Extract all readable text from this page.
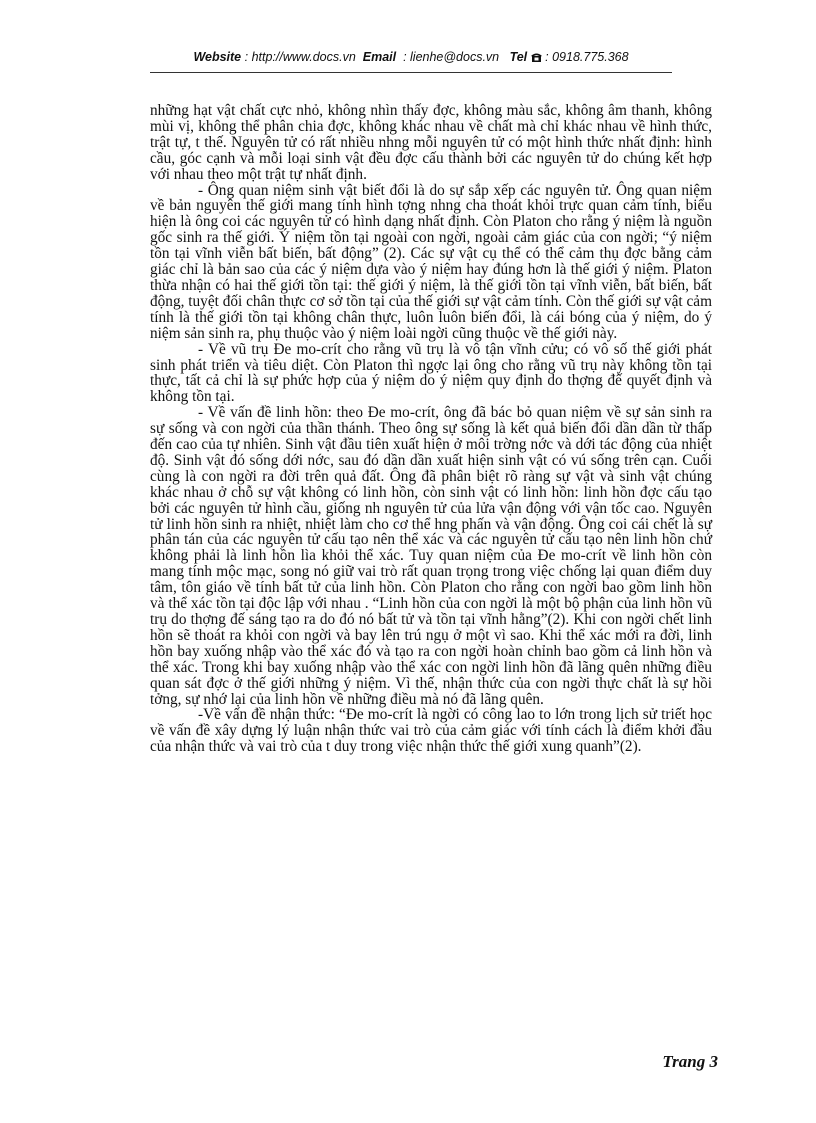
Website : http://www.docs.vn Email : lienhe@docs.vn Tel : 0918.775.368

những hạt vật chất cực nhỏ, không nhìn thấy đợc, không màu sắc, không âm thanh, không mùi vị, không thể phân chia đợc, không khác nhau về chất mà chỉ khác nhau về hình thức, trật tự, t thế. Nguyên tử có rất nhiều nhng mỗi nguyên tử có một hình thức nhất định: hình cầu, góc cạnh và mỗi loại sinh vật đều đợc cấu thành bởi các nguyên tử do chúng kết hợp với nhau theo một trật tự nhất định.

- Ông quan niệm sinh vật biết đổi là do sự sắp xếp các nguyên tử. Ông quan niệm về bản nguyên thế giới mang tính hình tợng nhng cha thoát khỏi trực quan cảm tính, biểu hiện là ông coi các nguyên tử có hình dạng nhất định. Còn Platon cho rằng ý niệm là nguồn gốc sinh ra thế giới. Ý niệm tồn tại ngoài con ngời, ngoài cảm giác của con ngời; “ý niệm tồn tại vĩnh viễn bất biến, bất động” (2). Các sự vật cụ thể có thể cảm thụ đợc bằng cảm giác chỉ là bản sao của các ý niệm dựa vào ý niệm hay đúng hơn là thế giới ý niệm. Platon thừa nhận có hai thế giới tồn tại: thế giới ý niệm, là thế giới tồn tại vĩnh viễn, bất biến, bất động, tuyệt đối chân thực cơ sở tồn tại của thế giới sự vật cảm tính. Còn thế giới sự vật cảm tính là thế giới tồn tại không chân thực, luôn luôn biến đổi, là cái bóng của ý niệm, do ý niệm sản sinh ra, phụ thuộc vào ý niệm loài ngời cũng thuộc về thế giới này.

- Về vũ trụ Đe mo-crít cho rằng vũ trụ là vô tận vĩnh cửu; có vô số thế giới phát sinh phát triển và tiêu diệt. Còn Platon thì ngợc lại ông cho rằng vũ trụ này không tồn tại thực, tất cả chỉ là sự phức hợp của ý niệm do ý niệm quy định do thợng đế quyết định và không tồn tại.

- Về vấn đề linh hồn: theo Đe mo-crít, ông đã bác bỏ quan niệm về sự sản sinh ra sự sống và con ngời của thần thánh. Theo ông sự sống là kết quả biến đổi dần dần từ thấp đến cao của tự nhiên. Sinh vật đầu tiên xuất hiện ở môi trờng nớc và dới tác động của nhiệt độ. Sinh vật đó sống dới nớc, sau đó dần dần xuất hiện sinh vật có vú sống trên cạn. Cuối cùng là con ngời ra đời trên quả đất. Ông đã phân biệt rõ ràng sự vật và sinh vật chúng khác nhau ở chỗ sự vật không có linh hồn, còn sinh vật có linh hồn: linh hồn đợc cấu tạo bởi các nguyên tử hình cầu, giống nh nguyên tử của lửa vận động với vận tốc cao. Nguyên tử linh hồn sinh ra nhiệt, nhiệt làm cho cơ thể hng phấn và vận động. Ông coi cái chết là sự phân tán của các nguyên tử cấu tạo nên thể xác và các nguyên tử cấu tạo nên linh hồn chứ không phải là linh hồn lìa khỏi thể xác. Tuy quan niệm của Đe mo-crít về linh hồn còn mang tính mộc mạc, song nó giữ vai trò rất quan trọng trong việc chống lại quan điểm duy tâm, tôn giáo về tính bất tử của linh hồn. Còn Platon cho rằng con ngời bao gồm linh hồn và thể xác tồn tại độc lập với nhau . “Linh hồn của con ngời là một bộ phận của linh hồn vũ trụ do thợng đế sáng tạo ra do đó nó bất tử và tồn tại vĩnh hằng”(2). Khi con ngời chết linh hồn sẽ thoát ra khỏi con ngời và bay lên trú ngụ ở một vì sao. Khi thể xác mới ra đời, linh hồn bay xuống nhập vào thể xác đó và tạo ra con ngời hoàn chỉnh bao gồm cả linh hồn và thể xác. Trong khi bay xuống nhập vào thể xác con ngời linh hồn đã lãng quên những điều quan sát đợc ở thế giới những ý niệm. Vì thế, nhận thức của con ngời thực chất là sự hồi tởng, sự nhớ lại của linh hồn về những điều mà nó đã lãng quên.

-Về vấn đề nhận thức: “Đe mo-crít là ngời có công lao to lớn trong lịch sử triết học về vấn đề xây dựng lý luận nhận thức vai trò của cảm giác với tính cách là điểm khởi đầu của nhận thức và vai trò của t duy trong việc nhận thức thế giới xung quanh”(2).

Trang 3
